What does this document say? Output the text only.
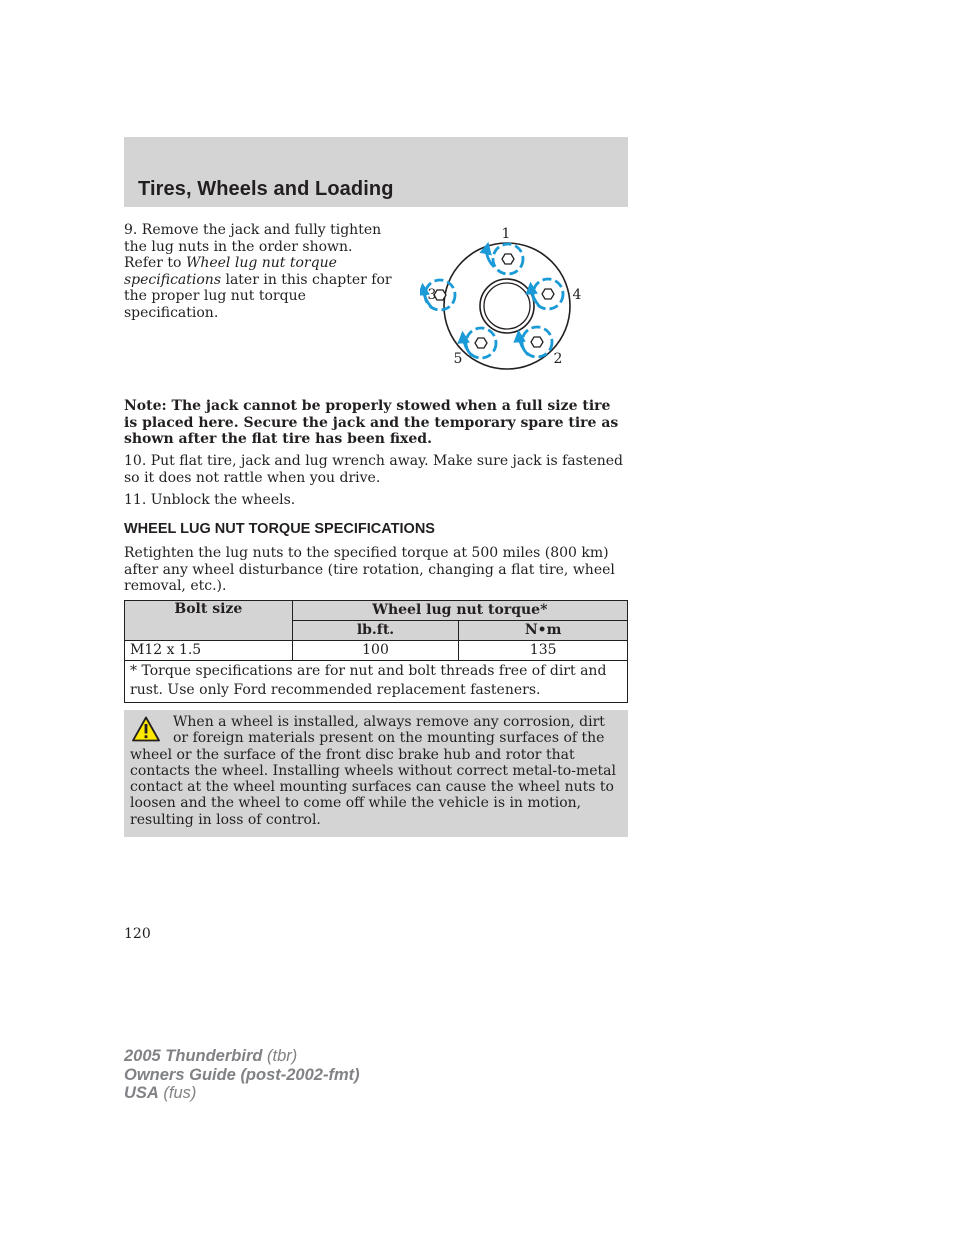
Tires, Wheels and Loading
9. Remove the jack and fully tighten the lug nuts in the order shown. Refer to Wheel lug nut torque specifications later in this chapter for the proper lug nut torque specification.
1
3	4
5	2
Note: The jack cannot be properly stowed when a full size tire is placed here. Secure the jack and the temporary spare tire as shown after the flat tire has been fixed.
10. Put flat tire, jack and lug wrench away. Make sure jack is fastened so it does not rattle when you drive.
11. Unblock the wheels.
WHEEL LUG NUT TORQUE SPECIFICATIONS
Retighten the lug nuts to the specified torque at 500 miles (800 km) after any wheel disturbance (tire rotation, changing a flat tire, wheel removal, etc.).
Bolt size	Wheel lug nut torque*	
	lb.ft.	N•m
M12 x 1.5	100	135
* Torque specifications are for nut and bolt threads free of dirt and rust. Use only Ford recommended replacement fasteners.		
When a wheel is installed, always remove any corrosion, dirt or foreign materials present on the mounting surfaces of the wheel or the surface of the front disc brake hub and rotor that contacts the wheel. Installing wheels without correct metal-to-metal contact at the wheel mounting surfaces can cause the wheel nuts to loosen and the wheel to come off while the vehicle is in motion, resulting in loss of control.
120
2005 Thunderbird (tbr)
Owners Guide (post-2002-fmt)
USA (fus)
